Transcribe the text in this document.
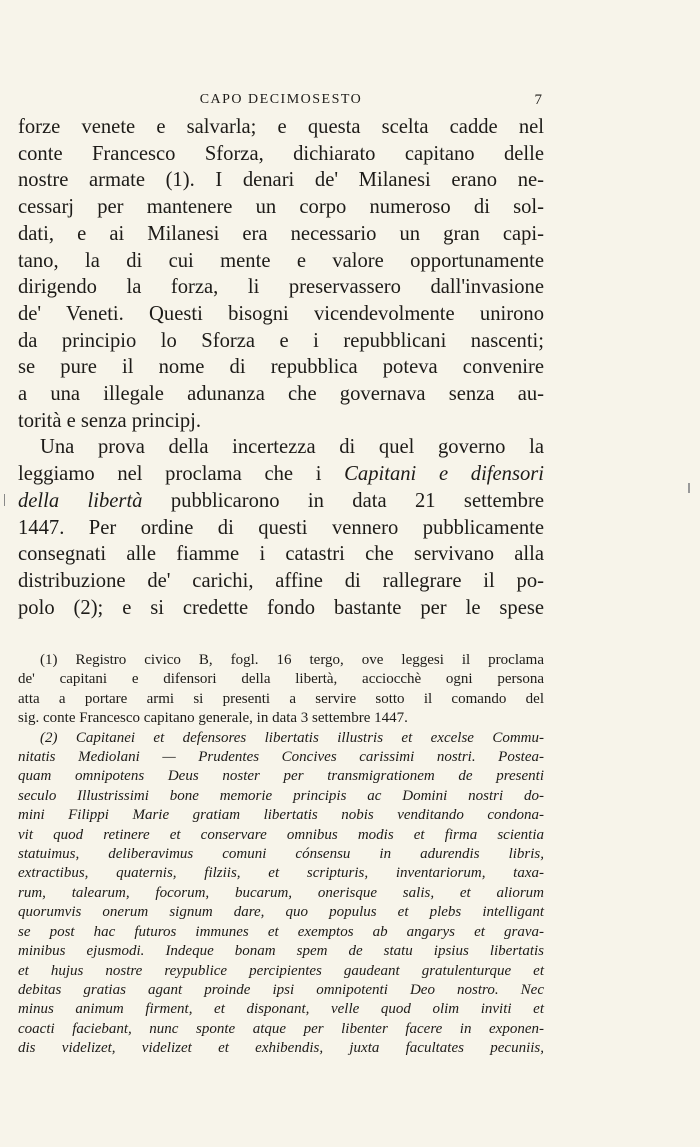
CAPO DECIMOSESTO	7

forze venete e salvarla; e questa scelta cadde nel
conte Francesco Sforza, dichiarato capitano delle
nostre armate (1). I denari de' Milanesi erano ne-
cessarj per mantenere un corpo numeroso di sol-
dati, e ai Milanesi era necessario un gran capi-
tano, la di cui mente e valore opportunamente
dirigendo la forza, li preservassero dall'invasione
de' Veneti. Questi bisogni vicendevolmente unirono
da principio lo Sforza e i repubblicani nascenti;
se pure il nome di repubblica poteva convenire
a una illegale adunanza che governava senza au-
torità e senza principj.

Una prova della incertezza di quel governo la
leggiamo nel proclama che i Capitani e difensori
della libertà pubblicarono in data 21 settembre
1447. Per ordine di questi vennero pubblicamente
consegnati alle fiamme i catastri che servivano alla
distribuzione de' carichi, affine di rallegrare il po-
polo (2); e si credette fondo bastante per le spese

(1) Registro civico B, fogl. 16 tergo, ove leggesi il proclama
de' capitani e difensori della libertà, acciocchè ogni persona
atta a portare armi si presenti a servire sotto il comando del
sig. conte Francesco capitano generale, in data 3 settembre 1447.
(2) Capitanei et defensores libertatis illustris et excelse Commu-
nitatis Mediolani — Prudentes Concives carissimi nostri. Postea-
quam omnipotens Deus noster per transmigrationem de presenti
seculo Illustrissimi bone memorie principis ac Domini nostri do-
mini Filippi Marie gratiam libertatis nobis venditando condona-
vit quod retinere et conservare omnibus modis et firma scientia
statuimus, deliberavimus comuni cónsensu in adurendis libris,
extractibus, quaternis, filziis, et scripturis, inventariorum, taxa-
rum, talearum, focorum, bucarum, onerisque salis, et aliorum
quorumvis onerum signum dare, quo populus et plebs intelligant
se post hac futuros immunes et exemptos ab angarys et grava-
minibus ejusmodi. Indeque bonam spem de statu ipsius libertatis
et hujus nostre reypublice percipientes gaudeant gratulenturque et
debitas gratias agant proinde ipsi omnipotenti Deo nostro. Nec
minus animum firment, et disponant, velle quod olim inviti et
coacti faciebant, nunc sponte atque per libenter facere in exponen-
dis videlizet, videlizet et exhibendis, juxta facultates pecuniis,
